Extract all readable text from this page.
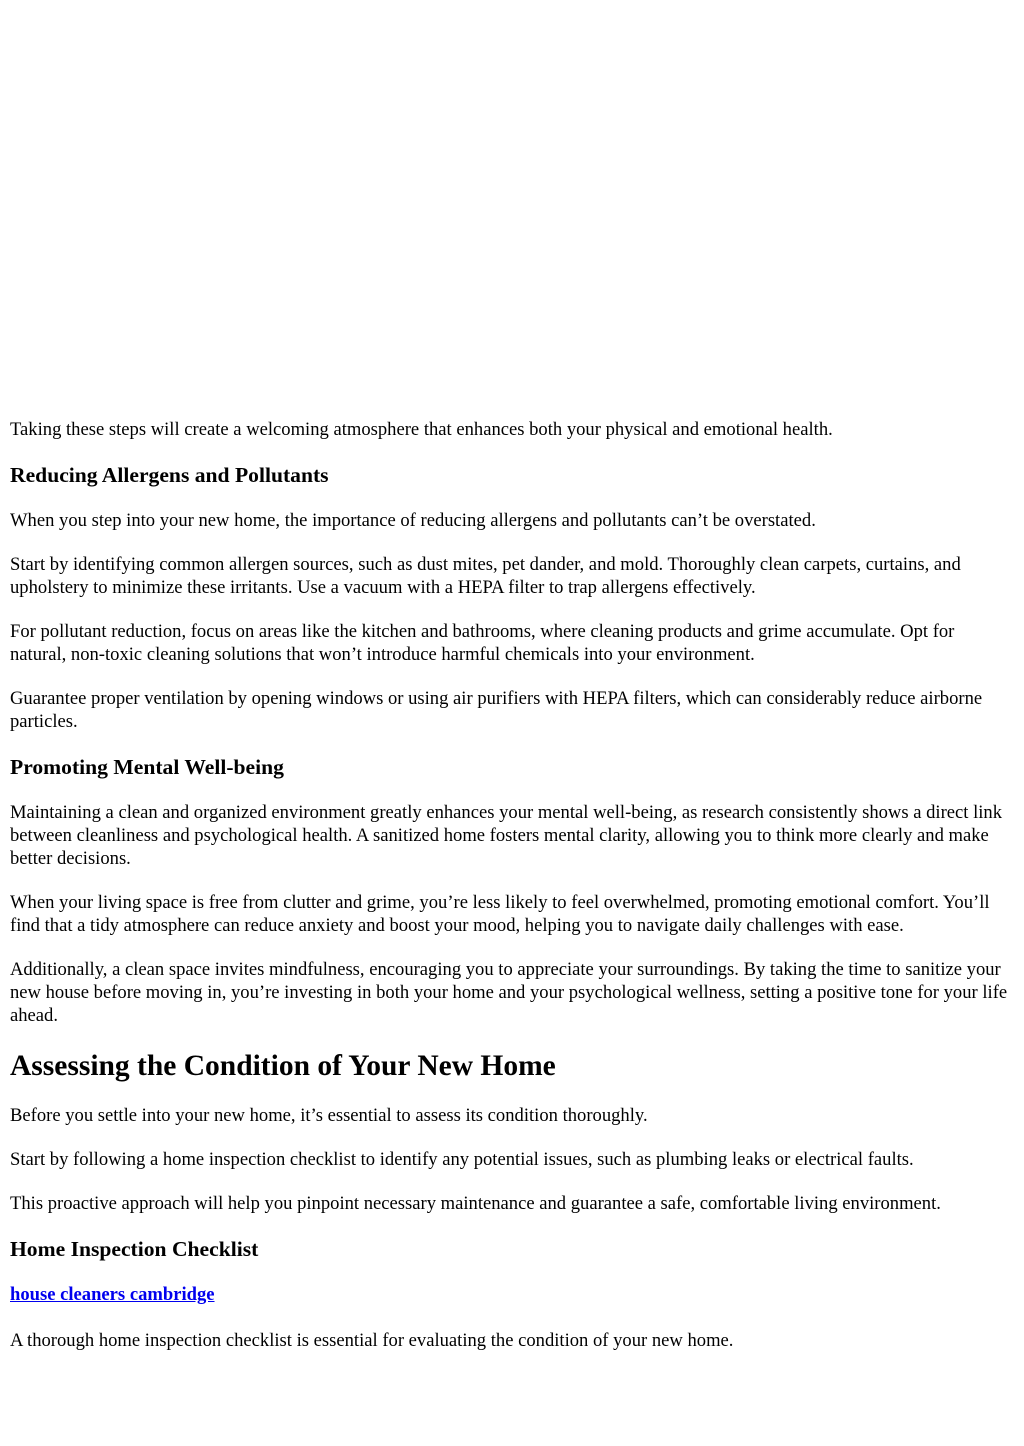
Taking these steps will create a welcoming atmosphere that enhances both your physical and emotional health.

Reducing Allergens and Pollutants

When you step into your new home, the importance of reducing allergens and pollutants can’t be overstated.

Start by identifying common allergen sources, such as dust mites, pet dander, and mold. Thoroughly clean carpets, curtains, and upholstery to minimize these irritants. Use a vacuum with a HEPA filter to trap allergens effectively.

For pollutant reduction, focus on areas like the kitchen and bathrooms, where cleaning products and grime accumulate. Opt for natural, non-toxic cleaning solutions that won’t introduce harmful chemicals into your environment.

Guarantee proper ventilation by opening windows or using air purifiers with HEPA filters, which can considerably reduce airborne particles.

Promoting Mental Well-being

Maintaining a clean and organized environment greatly enhances your mental well-being, as research consistently shows a direct link between cleanliness and psychological health. A sanitized home fosters mental clarity, allowing you to think more clearly and make better decisions.

When your living space is free from clutter and grime, you’re less likely to feel overwhelmed, promoting emotional comfort. You’ll find that a tidy atmosphere can reduce anxiety and boost your mood, helping you to navigate daily challenges with ease.

Additionally, a clean space invites mindfulness, encouraging you to appreciate your surroundings. By taking the time to sanitize your new house before moving in, you’re investing in both your home and your psychological wellness, setting a positive tone for your life ahead.

Assessing the Condition of Your New Home

Before you settle into your new home, it’s essential to assess its condition thoroughly.

Start by following a home inspection checklist to identify any potential issues, such as plumbing leaks or electrical faults.

This proactive approach will help you pinpoint necessary maintenance and guarantee a safe, comfortable living environment.

Home Inspection Checklist
house cleaners cambridge

A thorough home inspection checklist is essential for evaluating the condition of your new home.
